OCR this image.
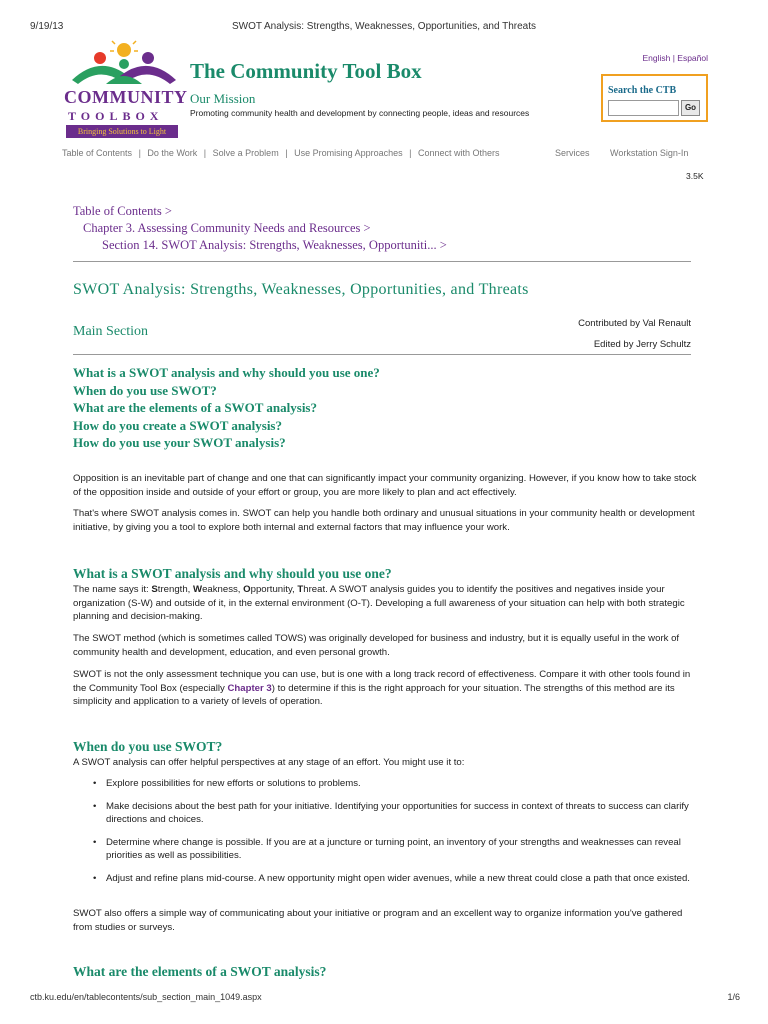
9/19/13	SWOT Analysis: Strengths, Weaknesses, Opportunities, and Threats
COMMUNITY
TOOLBOX
Bringing Solutions to Light
The Community Tool Box
Our Mission
Promoting community health and development by connecting people, ideas and resources
English | Español
Search the CTB
Go
Table of Contents | Do the Work | Solve a Problem | Use Promising Approaches | Connect with Others	Services Workstation Sign-In
3.5K
Table of Contents >
Chapter 3. Assessing Community Needs and Resources >
Section 14. SWOT Analysis: Strengths, Weaknesses, Opportuniti... >
SWOT Analysis: Strengths, Weaknesses, Opportunities, and Threats
Main Section
Contributed by Val Renault
Edited by Jerry Schultz
What is a SWOT analysis and why should you use one?
When do you use SWOT?
What are the elements of a SWOT analysis?
How do you create a SWOT analysis?
How do you use your SWOT analysis?
Opposition is an inevitable part of change and one that can significantly impact your community organizing. However, if you know how to take stock of the opposition inside and outside of your effort or group, you are more likely to plan and act effectively.
That's where SWOT analysis comes in. SWOT can help you handle both ordinary and unusual situations in your community health or development initiative, by giving you a tool to explore both internal and external factors that may influence your work.
What is a SWOT analysis and why should you use one?
The name says it: Strength, Weakness, Opportunity, Threat. A SWOT analysis guides you to identify the positives and negatives inside your organization (S-W) and outside of it, in the external environment (O-T). Developing a full awareness of your situation can help with both strategic planning and decision-making.
The SWOT method (which is sometimes called TOWS) was originally developed for business and industry, but it is equally useful in the work of community health and development, education, and even personal growth.
SWOT is not the only assessment technique you can use, but is one with a long track record of effectiveness. Compare it with other tools found in the Community Tool Box (especially Chapter 3) to determine if this is the right approach for your situation. The strengths of this method are its simplicity and application to a variety of levels of operation.
When do you use SWOT?
A SWOT analysis can offer helpful perspectives at any stage of an effort. You might use it to:
• Explore possibilities for new efforts or solutions to problems.
• Make decisions about the best path for your initiative. Identifying your opportunities for success in context of threats to success can clarify directions and choices.
• Determine where change is possible. If you are at a juncture or turning point, an inventory of your strengths and weaknesses can reveal priorities as well as possibilities.
• Adjust and refine plans mid-course. A new opportunity might open wider avenues, while a new threat could close a path that once existed.
SWOT also offers a simple way of communicating about your initiative or program and an excellent way to organize information you've gathered from studies or surveys.
What are the elements of a SWOT analysis?
ctb.ku.edu/en/tablecontents/sub_section_main_1049.aspx	1/6
